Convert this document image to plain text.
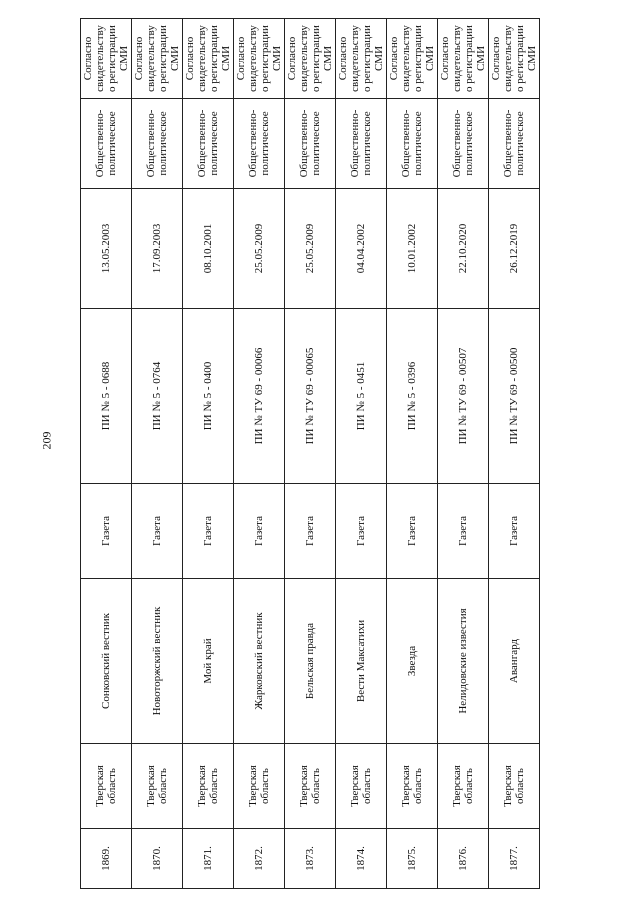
209
1869.	Тверская область	Сонковский вестник	Газета	ПИ № 5 - 0688	13.05.2003	Общественно-политическое	Согласно свидетельству о регистрации СМИ
1870.	Тверская область	Новоторжский вестник	Газета	ПИ № 5 - 0764	17.09.2003	Общественно-политическое	Согласно свидетельству о регистрации СМИ
1871.	Тверская область	Мой край	Газета	ПИ № 5 - 0400	08.10.2001	Общественно-политическое	Согласно свидетельству о регистрации СМИ
1872.	Тверская область	Жарковский вестник	Газета	ПИ № ТУ 69 - 00066	25.05.2009	Общественно-политическое	Согласно свидетельству о регистрации СМИ
1873.	Тверская область	Бельская правда	Газета	ПИ № ТУ 69 - 00065	25.05.2009	Общественно-политическое	Согласно свидетельству о регистрации СМИ
1874.	Тверская область	Вести Максатихи	Газета	ПИ № 5 - 0451	04.04.2002	Общественно-политическое	Согласно свидетельству о регистрации СМИ
1875.	Тверская область	Звезда	Газета	ПИ № 5 - 0396	10.01.2002	Общественно-политическое	Согласно свидетельству о регистрации СМИ
1876.	Тверская область	Нелидовские известия	Газета	ПИ № ТУ 69 - 00507	22.10.2020	Общественно-политическое	Согласно свидетельству о регистрации СМИ
1877.	Тверская область	Авангард	Газета	ПИ № ТУ 69 - 00500	26.12.2019	Общественно-политическое	Согласно свидетельству о регистрации СМИ
